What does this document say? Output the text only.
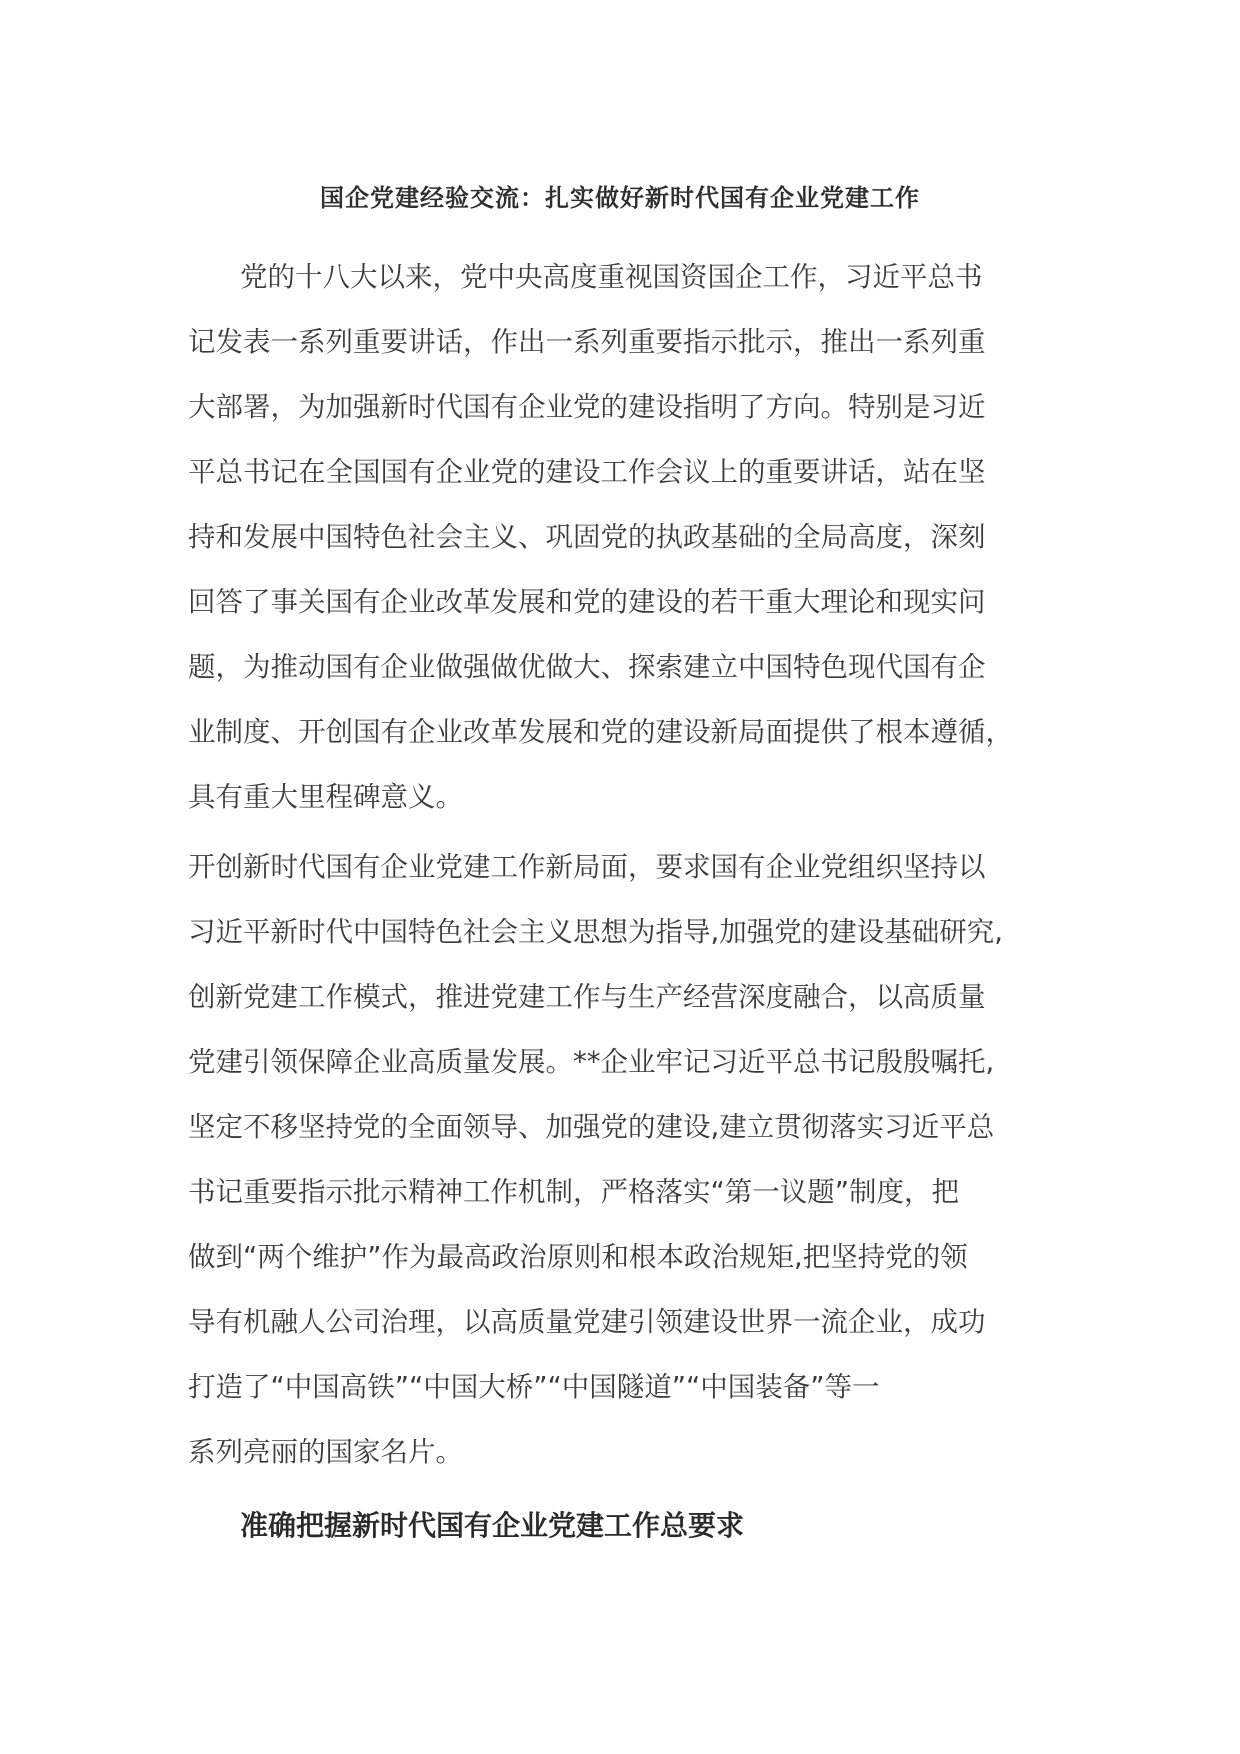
国企党建经验交流：扎实做好新时代国有企业党建工作
党的十八大以来，党中央高度重视国资国企工作，习近平总书
记发表一系列重要讲话，作出一系列重要指示批示，推出一系列重
大部署，为加强新时代国有企业党的建设指明了方向。特别是习近
平总书记在全国国有企业党的建设工作会议上的重要讲话，站在坚
持和发展中国特色社会主义、巩固党的执政基础的全局高度，深刻
回答了事关国有企业改革发展和党的建设的若干重大理论和现实问
题，为推动国有企业做强做优做大、探索建立中国特色现代国有企
业制度、开创国有企业改革发展和党的建设新局面提供了根本遵循，
具有重大里程碑意义。
开创新时代国有企业党建工作新局面，要求国有企业党组织坚持以
习近平新时代中国特色社会主义思想为指导,加强党的建设基础研究,
创新党建工作模式，推进党建工作与生产经营深度融合，以高质量
党建引领保障企业高质量发展。**企业牢记习近平总书记殷殷嘱托,
坚定不移坚持党的全面领导、加强党的建设,建立贯彻落实习近平总
书记重要指示批示精神工作机制，严格落实“第一议题”制度，把
做到“两个维护”作为最高政治原则和根本政治规矩,把坚持党的领
导有机融人公司治理，以高质量党建引领建设世界一流企业，成功
打造了“中国高铁”“中国大桥”“中国隧道”“中国装备”等一
系列亮丽的国家名片。
准确把握新时代国有企业党建工作总要求
